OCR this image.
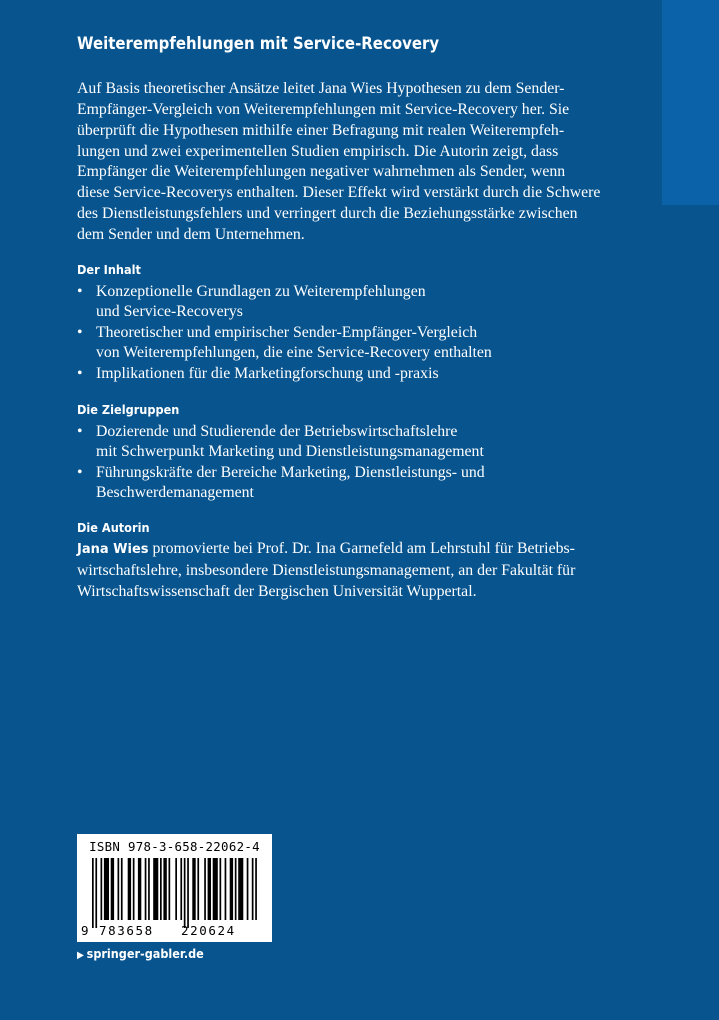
Weiterempfehlungen mit Service-Recovery
Auf Basis theoretischer Ansätze leitet Jana Wies Hypothesen zu dem Sender-
Empfänger-Vergleich von Weiterempfehlungen mit Service-Recovery her. Sie
überprüft die Hypothesen mithilfe einer Befragung mit realen Weiterempfeh-
lungen und zwei experimentellen Studien empirisch. Die Autorin zeigt, dass
Empfänger die Weiterempfehlungen negativer wahrnehmen als Sender, wenn
diese Service-Recoverys enthalten. Dieser Effekt wird verstärkt durch die Schwere
des Dienstleistungsfehlers und verringert durch die Beziehungsstärke zwischen
dem Sender und dem Unternehmen.
Der Inhalt
• Konzeptionelle Grundlagen zu Weiterempfehlungen
und Service-Recoverys
• Theoretischer und empirischer Sender-Empfänger-Vergleich
von Weiterempfehlungen, die eine Service-Recovery enthalten
• Implikationen für die Marketingforschung und -praxis
Die Zielgruppen
• Dozierende und Studierende der Betriebswirtschaftslehre
mit Schwerpunkt Marketing und Dienstleistungsmanagement
• Führungskräfte der Bereiche Marketing, Dienstleistungs- und
Beschwerdemanagement
Die Autorin
Jana Wies promovierte bei Prof. Dr. Ina Garnefeld am Lehrstuhl für Betriebs-
wirtschaftslehre, insbesondere Dienstleistungsmanagement, an der Fakultät für
Wirtschaftswissenschaft der Bergischen Universität Wuppertal.
ISBN 978-3-658-22062-4
9 783658 220624
▶ springer-gabler.de
